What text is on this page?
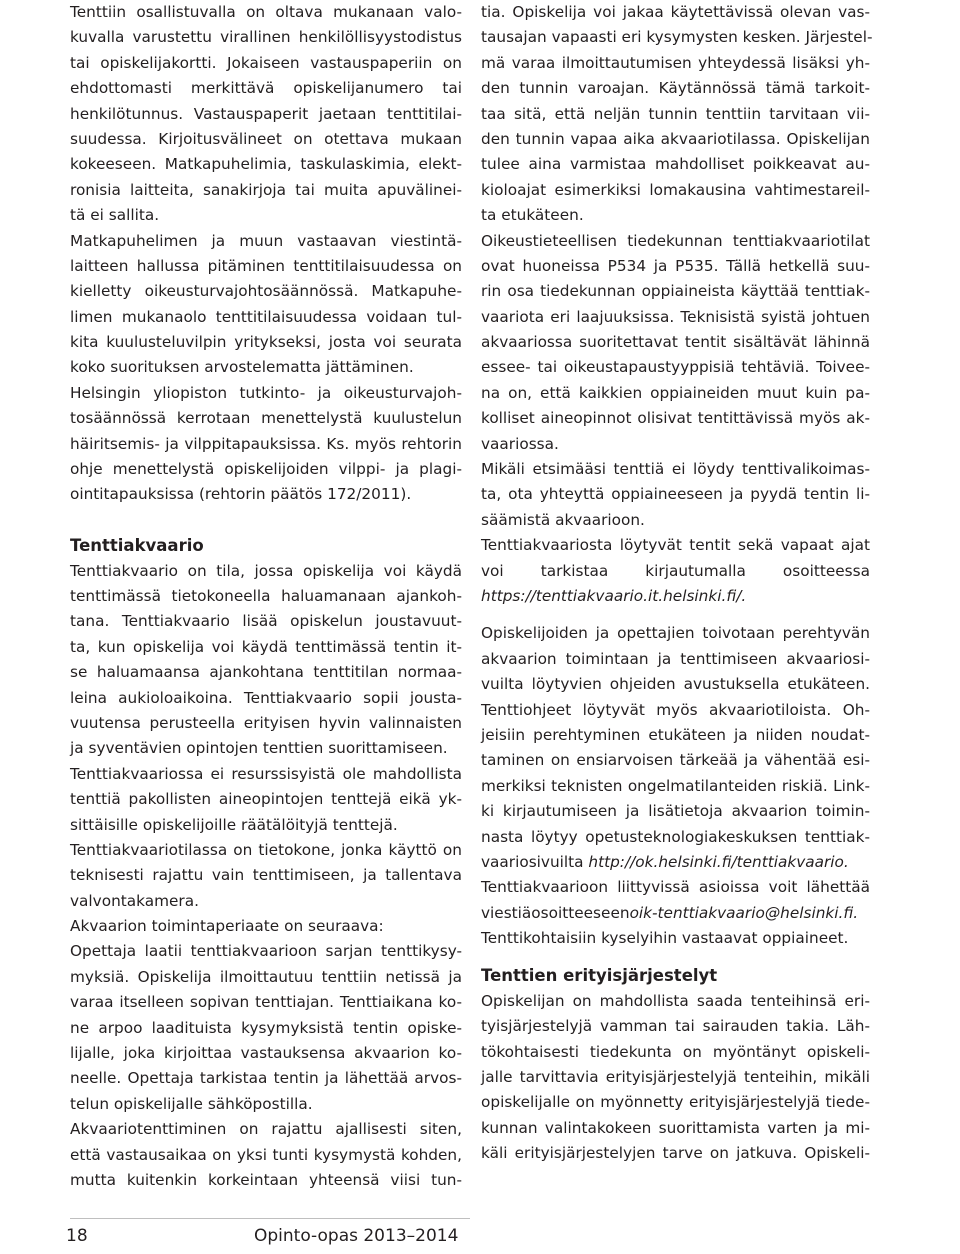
Tenttiin osallistuvalla on oltava mukanaan valo-
kuvalla varustettu virallinen henkilöllisyystodistus
tai opiskelijakortti. Jokaiseen vastauspaperiin on
ehdottomasti merkittävä opiskelijanumero tai
henkilötunnus. Vastauspaperit jaetaan tenttitilai-
suudessa. Kirjoitusvälineet on otettava mukaan
kokeeseen. Matkapuhelimia, taskulaskimia, elekt-
ronisia laitteita, sanakirjoja tai muita apuvälinei-
tä ei sallita.
Matkapuhelimen ja muun vastaavan viestintä-
laitteen hallussa pitäminen tenttitilaisuudessa on
kielletty oikeusturvajohtosäännössä. Matkapuhe-
limen mukanaolo tenttitilaisuudessa voidaan tul-
kita kuulusteluvilpin yritykseksi, josta voi seurata
koko suorituksen arvostelematta jättäminen.
Helsingin yliopiston tutkinto- ja oikeusturvajoh-
tosäännössä kerrotaan menettelystä kuulustelun
häiritsemis- ja vilppitapauksissa. Ks. myös rehtorin
ohje menettelystä opiskelijoiden vilppi- ja plagi-
ointitapauksissa (rehtorin päätös 172/2011).
Tenttiakvaario
Tenttiakvaario on tila, jossa opiskelija voi käydä
tenttimässä tietokoneella haluamanaan ajankoh-
tana. Tenttiakvaario lisää opiskelun joustavuut-
ta, kun opiskelija voi käydä tenttimässä tentin it-
se haluamaansa ajankohtana tenttitilan normaa-
leina aukioloaikoina. Tenttiakvaario sopii jousta-
vuutensa perusteella erityisen hyvin valinnaisten
ja syventävien opintojen tenttien suorittamiseen.
Tenttiakvaariossa ei resurssisyistä ole mahdollista
tenttiä pakollisten aineopintojen tenttejä eikä yk-
sittäisille opiskelijoille räätälöityjä tenttejä.
Tenttiakvaariotilassa on tietokone, jonka käyttö on
teknisesti rajattu vain tenttimiseen, ja tallentava
valvontakamera.
Akvaarion toimintaperiaate on seuraava:
Opettaja laatii tenttiakvaarioon sarjan tenttikysy-
myksiä. Opiskelija ilmoittautuu tenttiin netissä ja
varaa itselleen sopivan tenttiajan. Tenttiaikana ko-
ne arpoo laadituista kysymyksistä tentin opiske-
lijalle, joka kirjoittaa vastauksensa akvaarion ko-
neelle. Opettaja tarkistaa tentin ja lähettää arvos-
telun opiskelijalle sähköpostilla.
Akvaariotenttiminen on rajattu ajallisesti siten,
että vastausaikaa on yksi tunti kysymystä kohden,
mutta kuitenkin korkeintaan yhteensä viisi tun-
tia. Opiskelija voi jakaa käytettävissä olevan vas-
tausajan vapaasti eri kysymysten kesken. Järjestel-
mä varaa ilmoittautumisen yhteydessä lisäksi yh-
den tunnin varoajan. Käytännössä tämä tarkoit-
taa sitä, että neljän tunnin tenttiin tarvitaan vii-
den tunnin vapaa aika akvaariotilassa. Opiskelijan
tulee aina varmistaa mahdolliset poikkeavat au-
kioloajat esimerkiksi lomakausina vahtimestareil-
ta etukäteen.
Oikeustieteellisen tiedekunnan tenttiakvaariotilat
ovat huoneissa P534 ja P535. Tällä hetkellä suu-
rin osa tiedekunnan oppiaineista käyttää tenttiak-
vaariota eri laajuuksissa. Teknisistä syistä johtuen
akvaariossa suoritettavat tentit sisältävät lähinnä
essee- tai oikeustapaustyyppisiä tehtäviä. Toivee-
na on, että kaikkien oppiaineiden muut kuin pa-
kolliset aineopinnot olisivat tentittävissä myös ak-
vaariossa.
Mikäli etsimääsi tenttiä ei löydy tenttivalikoimas-
ta, ota yhteyttä oppiaineeseen ja pyydä tentin li-
säämistä akvaarioon.
Tenttiakvaariosta löytyvät tentit sekä vapaat ajat
voi tarkistaa kirjautumalla osoitteessa
https://tenttiakvaario.it.helsinki.fi/.
Opiskelijoiden ja opettajien toivotaan perehtyvän
akvaarion toimintaan ja tenttimiseen akvaariosi-
vuilta löytyvien ohjeiden avustuksella etukäteen.
Tenttiohjeet löytyvät myös akvaariotiloista. Oh-
jeisiin perehtyminen etukäteen ja niiden noudat-
taminen on ensiarvoisen tärkeää ja vähentää esi-
merkiksi teknisten ongelmatilanteiden riskiä. Link-
ki kirjautumiseen ja lisätietoja akvaarion toimin-
nasta löytyy opetusteknologiakeskuksen tenttiak-
vaariosivuilta http://ok.helsinki.fi/tenttiakvaario.
Tenttiakvaarioon liittyvissä asioissa voit lähettää
viestiäosoitteeseenoik-tenttiakvaario@helsinki.fi.
Tenttikohtaisiin kyselyihin vastaavat oppiaineet.
Tenttien erityisjärjestelyt
Opiskelijan on mahdollista saada tenteihinsä eri-
tyisjärjestelyjä vamman tai sairauden takia. Läh-
tökohtaisesti tiedekunta on myöntänyt opiskeli-
jalle tarvittavia erityisjärjestelyjä tenteihin, mikäli
opiskelijalle on myönnetty erityisjärjestelyjä tiede-
kunnan valintakokeen suorittamista varten ja mi-
käli erityisjärjestelyjen tarve on jatkuva. Opiskeli-
18	Opinto-opas 2013–2014
